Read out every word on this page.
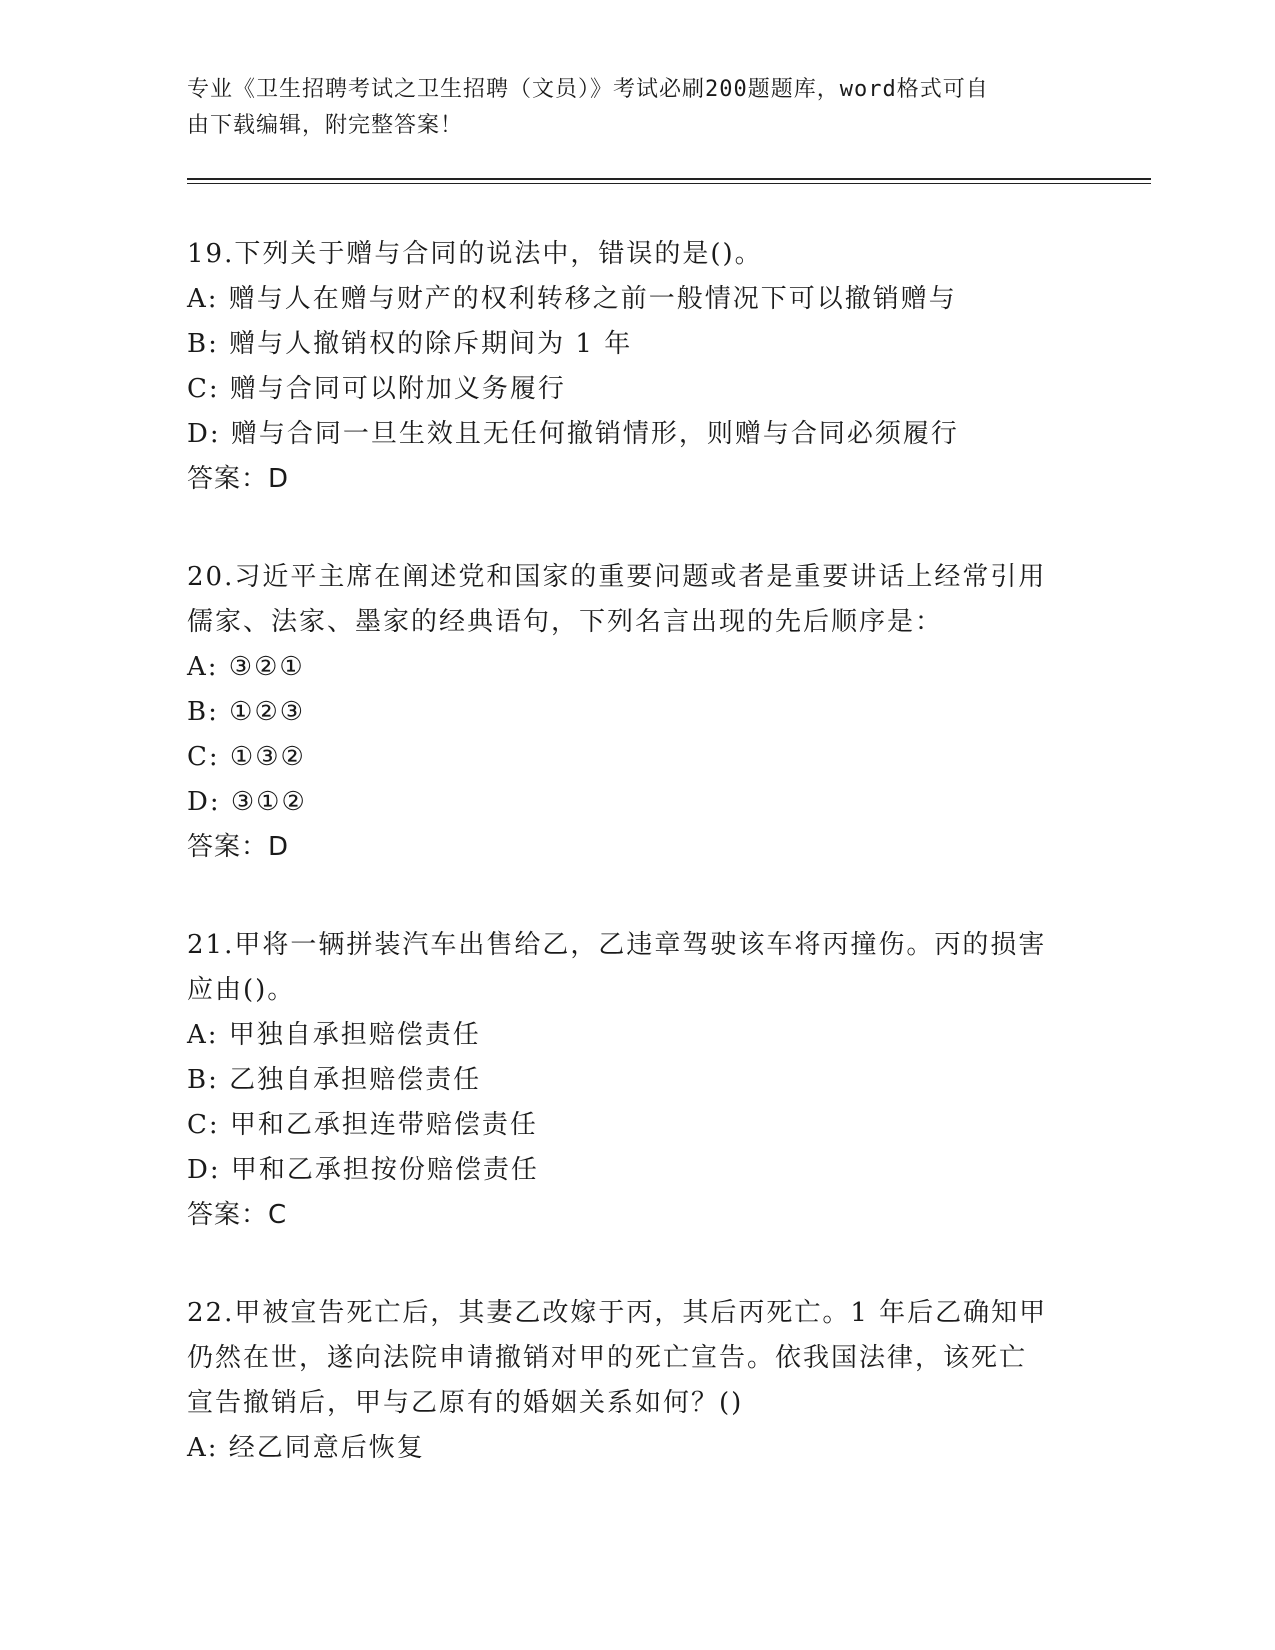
专业《卫生招聘考试之卫生招聘（文员）》考试必刷200题题库，word格式可自
由下载编辑，附完整答案！
19.下列关于赠与合同的说法中，错误的是()。
A: 赠与人在赠与财产的权利转移之前一般情况下可以撤销赠与
B: 赠与人撤销权的除斥期间为 1 年
C: 赠与合同可以附加义务履行
D: 赠与合同一旦生效且无任何撤销情形，则赠与合同必须履行
答案：D
20.习近平主席在阐述党和国家的重要问题或者是重要讲话上经常引用
儒家、法家、墨家的经典语句，下列名言出现的先后顺序是：
A: ③②①
B: ①②③
C: ①③②
D: ③①②
答案：D
21.甲将一辆拼装汽车出售给乙，乙违章驾驶该车将丙撞伤。丙的损害
应由()。
A: 甲独自承担赔偿责任
B: 乙独自承担赔偿责任
C: 甲和乙承担连带赔偿责任
D: 甲和乙承担按份赔偿责任
答案：C
22.甲被宣告死亡后，其妻乙改嫁于丙，其后丙死亡。1 年后乙确知甲
仍然在世，遂向法院申请撤销对甲的死亡宣告。依我国法律，该死亡
宣告撤销后，甲与乙原有的婚姻关系如何？()
A: 经乙同意后恢复
